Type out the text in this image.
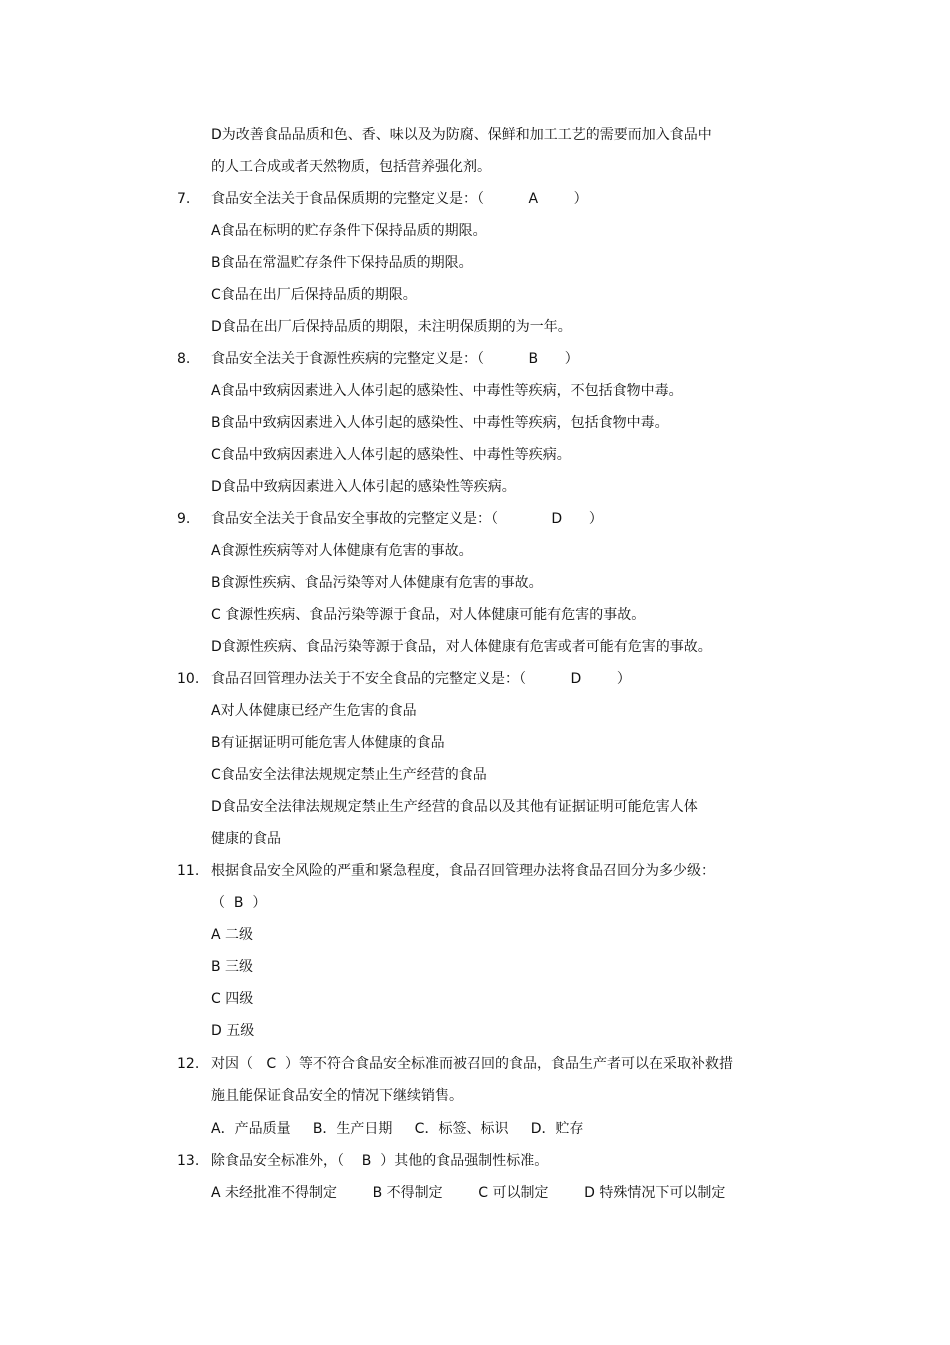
D为改善食品品质和色、香、味以及为防腐、保鲜和加工工艺的需要而加入食品中
的人工合成或者天然物质，包括营养强化剂。
7. 食品安全法关于食品保质期的完整定义是：（          A        ）
A食品在标明的贮存条件下保持品质的期限。
B食品在常温贮存条件下保持品质的期限。
C食品在出厂后保持品质的期限。
D食品在出厂后保持品质的期限，未注明保质期的为一年。
8. 食品安全法关于食源性疾病的完整定义是：（          B      ）
A食品中致病因素进入人体引起的感染性、中毒性等疾病，不包括食物中毒。
B食品中致病因素进入人体引起的感染性、中毒性等疾病，包括食物中毒。
C食品中致病因素进入人体引起的感染性、中毒性等疾病。
D食品中致病因素进入人体引起的感染性等疾病。
9. 食品安全法关于食品安全事故的完整定义是：（            D      ）
A食源性疾病等对人体健康有危害的事故。
B食源性疾病、食品污染等对人体健康有危害的事故。
C 食源性疾病、食品污染等源于食品，对人体健康可能有危害的事故。
D食源性疾病、食品污染等源于食品，对人体健康有危害或者可能有危害的事故。
10. 食品召回管理办法关于不安全食品的完整定义是：（          D        ）
A对人体健康已经产生危害的食品
B有证据证明可能危害人体健康的食品
C食品安全法律法规规定禁止生产经营的食品
D食品安全法律法规规定禁止生产经营的食品以及其他有证据证明可能危害人体
健康的食品
11. 根据食品安全风险的严重和紧急程度，食品召回管理办法将食品召回分为多少级：
（  B  ）
A 二级
B 三级
C 四级
D 五级
12. 对因（   C  ）等不符合食品安全标准而被召回的食品，食品生产者可以在采取补救措
施且能保证食品安全的情况下继续销售。
A．产品质量     B．生产日期     C．标签、标识     D．贮存
13. 除食品安全标准外，（    B  ）其他的食品强制性标准。
A 未经批准不得制定        B 不得制定        C 可以制定        D 特殊情况下可以制定
